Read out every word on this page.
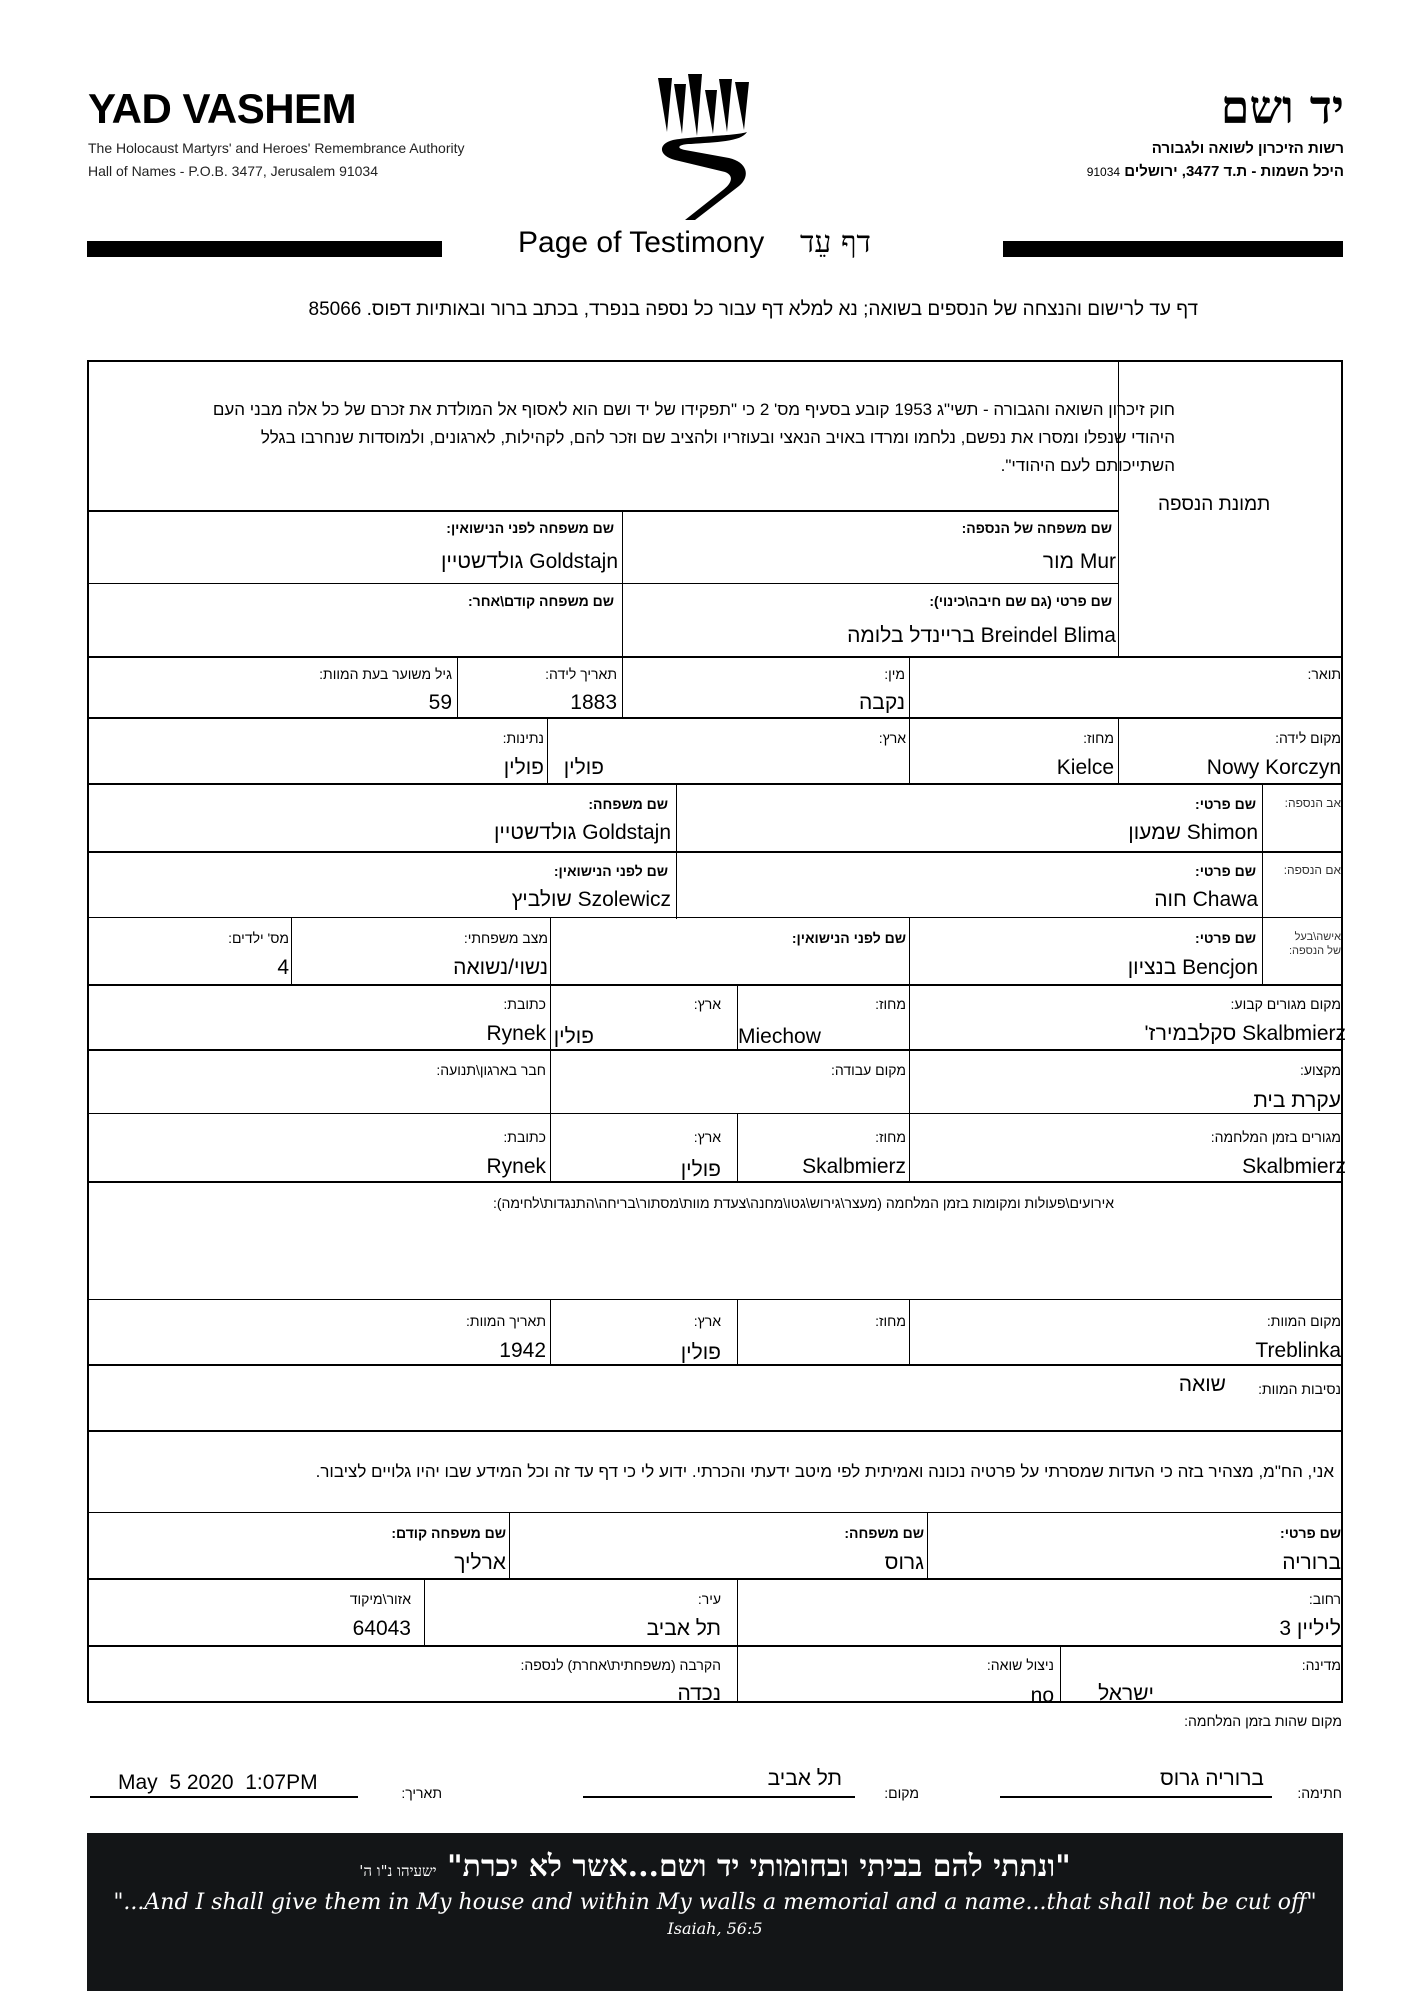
YAD VASHEM
The Holocaust Martyrs' and Heroes' Remembrance Authority
Hall of Names - P.O.B. 3477, Jerusalem 91034
יד ושם
רשות הזיכרון לשואה ולגבורה
היכל השמות - ת.ד 3477, ירושלים 91034
Page of Testimony דף עֵד
דף עד לרישום והנצחה של הנספים בשואה; נא למלא דף עבור כל נספה בנפרד, בכתב ברור ובאותיות דפוס. 85066
תמונת הנספה
חוק זיכרון השואה והגבורה - תשי"ג 1953 קובע בסעיף מס' 2 כי "תפקידו של יד ושם הוא לאסוף אל המולדת את זכרם של כל אלה מבני העם היהודי שנפלו ומסרו את נפשם, נלחמו ומרדו באויב הנאצי ובעוזריו ולהציב שם וזכר להם, לקהילות, לארגונים, ולמוסדות שנחרבו בגלל השתייכותם לעם היהודי".
שם משפחה של הנספה:
Mur מור
שם משפחה לפני הנישואין:
Goldstajn גולדשטיין
שם פרטי (גם שם חיבה\כינוי):
Breindel Blima ברײנדל בלומה
שם משפחה קודם\אחר:
תואר:
מין:
נקבה
תאריך לידה:
1883
גיל משוער בעת המוות:
59
מקום לידה:
Nowy Korczyn
מחוז:
Kielce
ארץ:
פולין
נתינות:
פולין
אב הנספה:
שם פרטי:
Shimon שמעון
שם משפחה:
Goldstajn גולדשטיין
אם הנספה:
שם פרטי:
Chawa חוה
שם לפני הנישואין:
Szolewicz שולביץ
אישה\בעל
של הנספה:
שם פרטי:
Bencjon בנציון
שם לפני הנישואין:
מצב משפחתי:
נשוי/נשואה
מס' ילדים:
4
מקום מגורים קבוע:
Skalbmierz סקלבמירז'
מחוז:
Miechow
ארץ:
פולין
כתובת:
Rynek
מקצוע:
עקרת בית
מקום עבודה:
חבר בארגון\תנועה:
מגורים בזמן המלחמה:
Skalbmierz
מחוז:
Skalbmierz
ארץ:
פולין
כתובת:
Rynek
אירועים\פעולות ומקומות בזמן המלחמה (מעצר\גירוש\גטו\מחנה\צעדת מוות\מסתור\בריחה\התנגדות\לחימה):
מקום המוות:
Treblinka
מחוז:
ארץ:
פולין
תאריך המוות:
1942
נסיבות המוות:
שואה
אני, הח"מ, מצהיר בזה כי העדות שמסרתי על פרטיה נכונה ואמיתית לפי מיטב ידעתי והכרתי. ידוע לי כי דף עד זה וכל המידע שבו יהיו גלויים לציבור.
שם פרטי:
ברוריה
שם משפחה:
גרוס
שם משפחה קודם:
ארליך
רחוב:
ליליין 3
עיר:
תל אביב
אזור\מיקוד
64043
מדינה:
ישראל
ניצול שואה:
no
הקרבה (משפחתית\אחרת) לנספה:
נכדה
מקום שהות בזמן המלחמה:
חתימה:
ברוריה גרוס
מקום:
תל אביב
תאריך:
May  5 2020  1:07PM
"ונתתי להם בביתי ובחומותי יד ושם...אשר לא יכרת" ישעיהו נ"ו ה'
"...And I shall give them in My house and within My walls a memorial and a name...that shall not be cut off" Isaiah, 56:5
